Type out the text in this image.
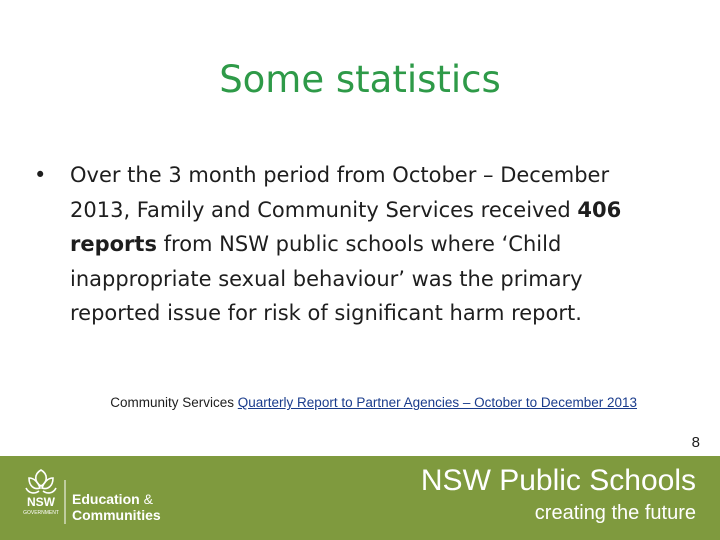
Some statistics
•	Over the 3 month period from October – December 2013, Family and Community Services received 406 reports from NSW public schools where ‘Child inappropriate sexual behaviour’ was the primary reported issue for risk of significant harm report.
Community Services Quarterly Report to Partner Agencies – October to December 2013
8
NSW
GOVERNMENT
Education &
Communities
NSW Public Schools
creating the future
